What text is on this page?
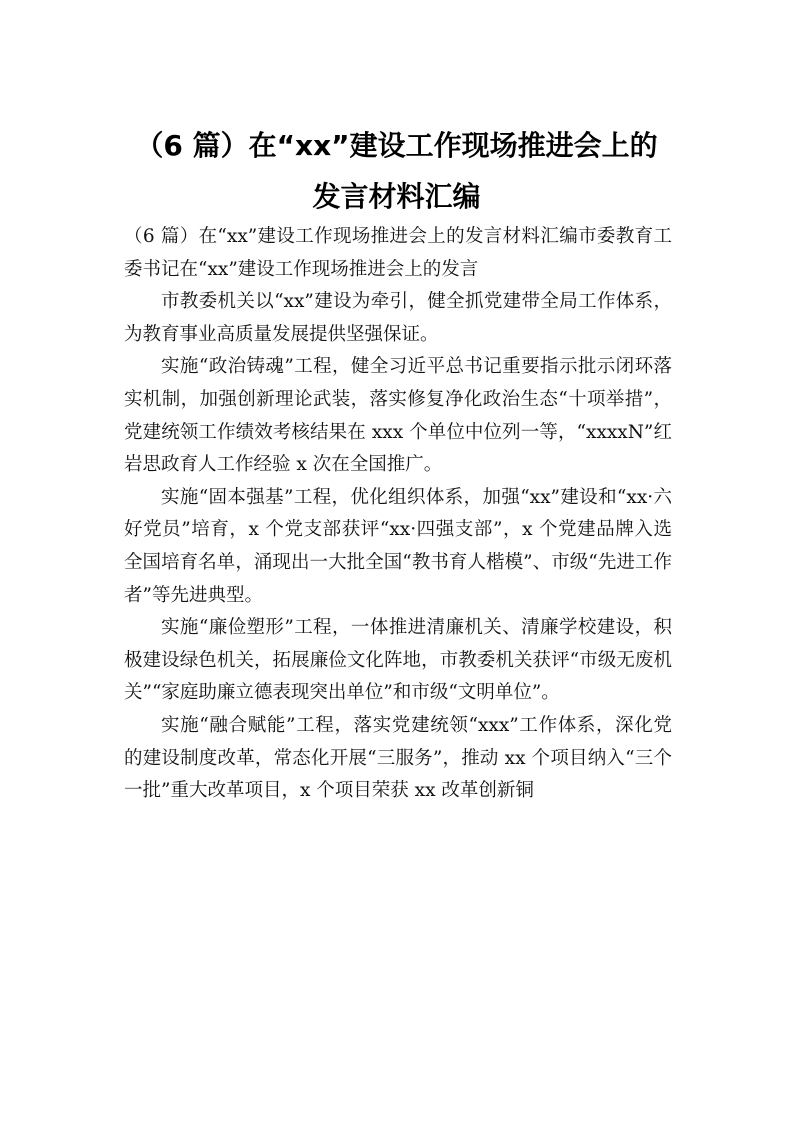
（6 篇）在“xx”建设工作现场推进会上的
发言材料汇编

（6 篇）在“xx”建设工作现场推进会上的发言材料汇编市委教育工委书记在“xx”建设工作现场推进会上的发言

市教委机关以“xx”建设为牵引，健全抓党建带全局工作体系，为教育事业高质量发展提供坚强保证。

实施“政治铸魂”工程，健全习近平总书记重要指示批示闭环落实机制，加强创新理论武装，落实修复净化政治生态“十项举措”，党建统领工作绩效考核结果在 xxx 个单位中位列一等，“xxxxN”红岩思政育人工作经验 x 次在全国推广。

实施“固本强基”工程，优化组织体系，加强“xx”建设和“xx·六好党员”培育，x 个党支部获评“xx·四强支部”，x 个党建品牌入选全国培育名单，涌现出一大批全国“教书育人楷模”、市级“先进工作者”等先进典型。

实施“廉俭塑形”工程，一体推进清廉机关、清廉学校建设，积极建设绿色机关，拓展廉俭文化阵地，市教委机关获评“市级无废机关”“家庭助廉立德表现突出单位”和市级“文明单位”。

实施“融合赋能”工程，落实党建统领“xxx”工作体系，深化党的建设制度改革，常态化开展“三服务”，推动 xx 个项目纳入“三个一批”重大改革项目，x 个项目荣获 xx 改革创新铜
